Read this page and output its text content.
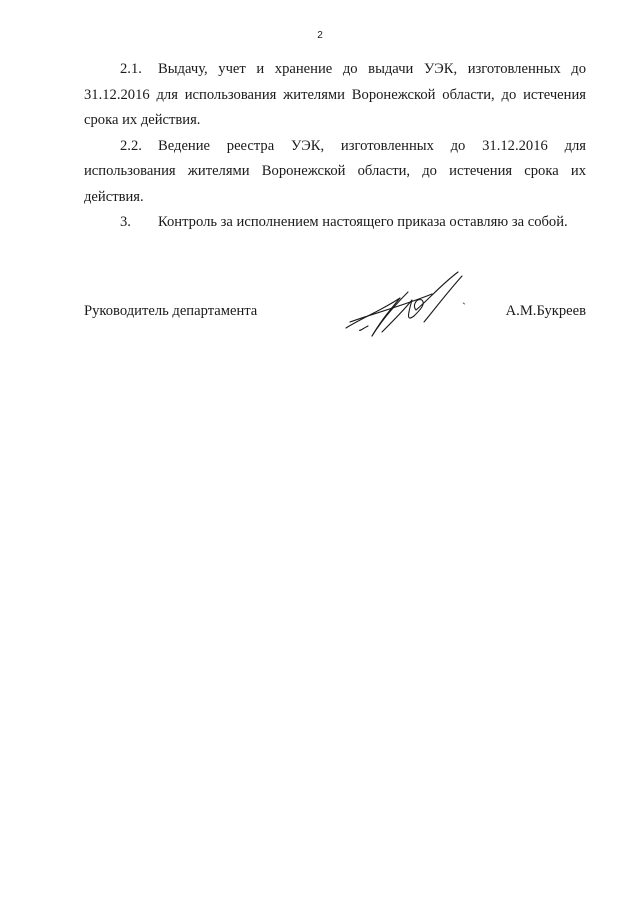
2

2.1. Выдачу, учет и хранение до выдачи УЭК, изготовленных до 31.12.2016 для использования жителями Воронежской области, до истечения срока их действия.

2.2. Ведение реестра УЭК, изготовленных до 31.12.2016 для использования жителями Воронежской области, до истечения срока их действия.

3. Контроль за исполнением настоящего приказа оставляю за собой.

Руководитель департамента	`	А.М.Букреев
